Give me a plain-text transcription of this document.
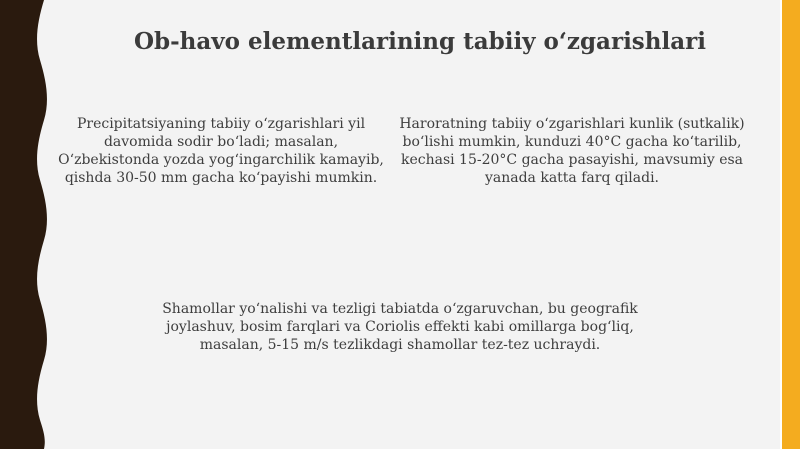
Ob-havo elementlarining tabiiy oʻzgarishlari

Precipitatsiyaning tabiiy oʻzgarishlari yil davomida sodir boʻladi; masalan, Oʻzbekistonda yozda yogʻingarchilik kamayib, qishda 30-50 mm gacha koʻpayishi mumkin.

Haroratning tabiiy oʻzgarishlari kunlik (sutkalik) boʻlishi mumkin, kunduzi 40°C gacha koʻtarilib, kechasi 15-20°C gacha pasayishi, mavsumiy esa yanada katta farq qiladi.

Shamollar yoʻnalishi va tezligi tabiatda oʻzgaruvchan, bu geografik joylashuv, bosim farqlari va Coriolis effekti kabi omillarga bogʻliq, masalan, 5-15 m/s tezlikdagi shamollar tez-tez uchraydi.
